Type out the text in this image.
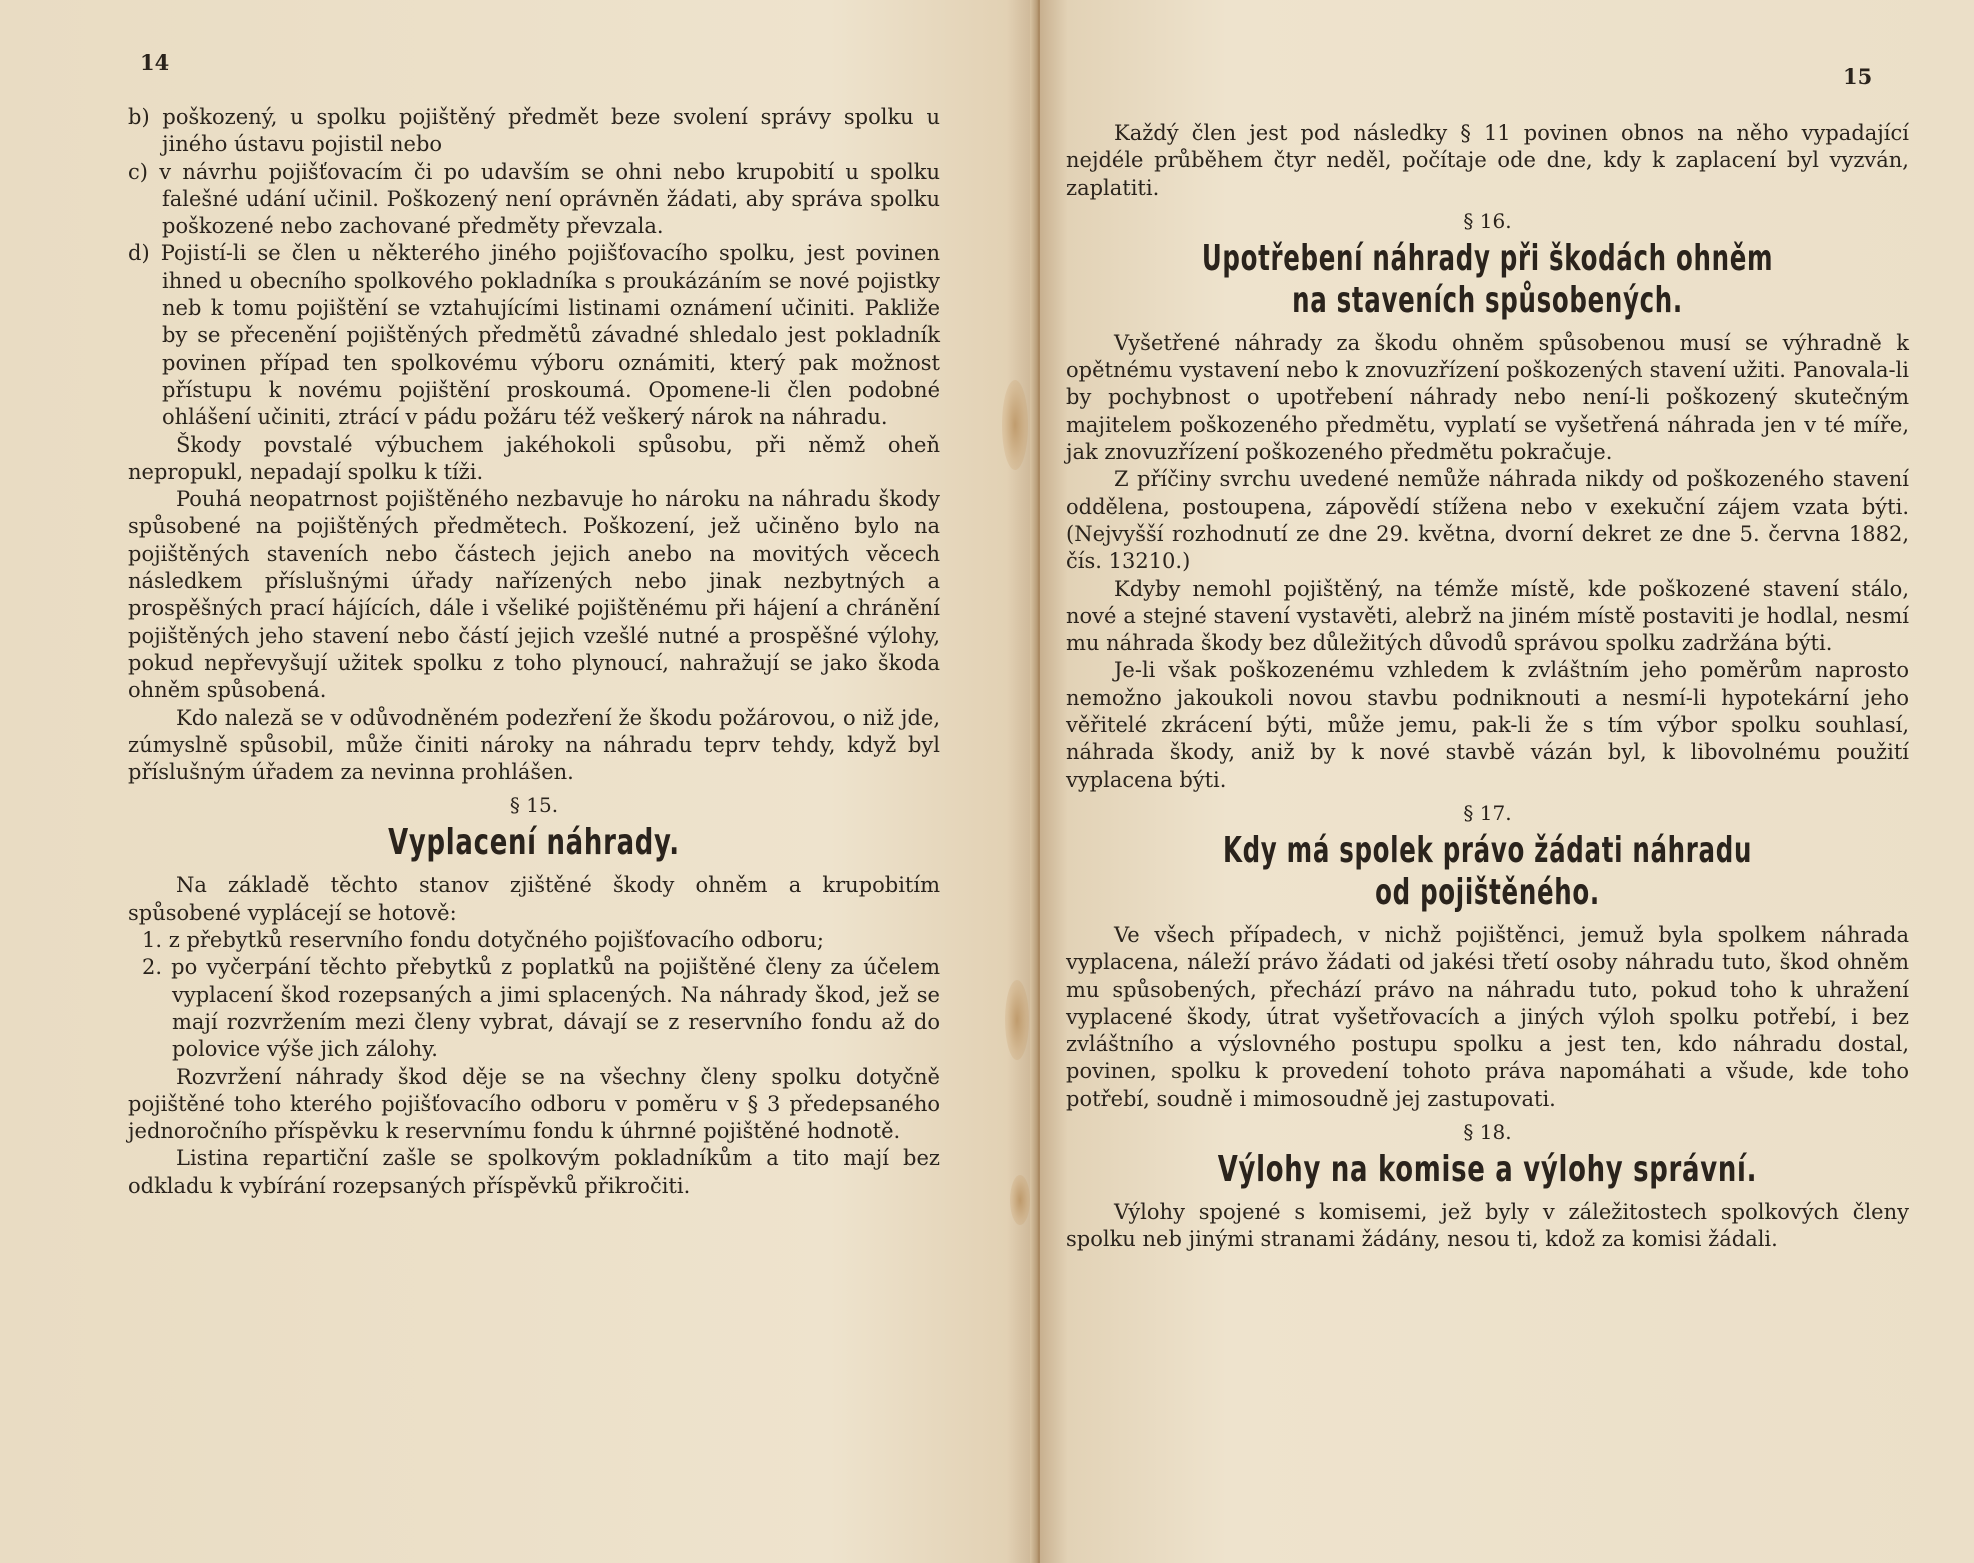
14

b) poškozený, u spolku pojištěný předmět beze svolení správy spolku u jiného ústavu pojistil nebo

c) v návrhu pojišťovacím či po udavším se ohni nebo krupobití u spolku falešné udání učinil. Poškozený není oprávněn žádati, aby správa spolku poškozené nebo zachované předměty převzala.

d) Pojistí-li se člen u některého jiného pojišťovacího spolku, jest povinen ihned u obecního spolkového pokladníka s proukázáním se nové pojistky neb k tomu pojištění se vztahujícími listinami oznámení učiniti. Pakliže by se přecenění pojištěných předmětů závadné shledalo jest pokladník povinen případ ten spolkovému výboru oznámiti, který pak možnost přístupu k novému pojištění proskoumá. Opomene-li člen podobné ohlášení učiniti, ztrácí v pádu požáru též veškerý nárok na náhradu.

Škody povstalé výbuchem jakéhokoli spůsobu, při němž oheň nepropukl, nepadají spolku k tíži.

Pouhá neopatrnost pojištěného nezbavuje ho nároku na náhradu škody spůsobené na pojištěných předmětech. Poškození, jež učiněno bylo na pojištěných staveních nebo částech jejich anebo na movitých věcech následkem příslušnými úřady nařízených nebo jinak nezbytných a prospěšných prací hájících, dále i všeliké pojištěnému při hájení a chránění pojištěných jeho stavení nebo částí jejich vzešlé nutné a prospěšné výlohy, pokud nepřevyšují užitek spolku z toho plynoucí, nahražují se jako škoda ohněm spůsobená.

Kdo naleză se v odůvodněném podezření že škodu požárovou, o niž jde, zúmyslně spůsobil, může činiti nároky na náhradu teprv tehdy, když byl příslušným úřadem za nevinna prohlášen.

§ 15.
Vyplacení náhrady.

Na základě těchto stanov zjištěné škody ohněm a krupobitím spůsobené vyplácejí se hotově:

1. z přebytků reservního fondu dotyčného pojišťovacího odboru;

2. po vyčerpání těchto přebytků z poplatků na pojištěné členy za účelem vyplacení škod rozepsaných a jimi splacených. Na náhrady škod, jež se mají rozvržením mezi členy vybrat, dávají se z reservního fondu až do polovice výše jich zálohy.

Rozvržení náhrady škod děje se na všechny členy spolku dotyčně pojištěné toho kterého pojišťovacího odboru v poměru v § 3 předepsaného jednoročního příspěvku k reservnímu fondu k úhrnné pojištěné hodnotě.

Listina repartiční zašle se spolkovým pokladníkům a tito mají bez odkladu k vybírání rozepsaných příspěvků přikročiti.

15

Každý člen jest pod následky § 11 povinen obnos na něho vypadající nejdéle průběhem čtyr neděl, počítaje ode dne, kdy k zaplacení byl vyzván, zaplatiti.

§ 16.
Upotřebení náhrady při škodách ohněm na staveních spůsobených.

Vyšetřené náhrady za škodu ohněm spůsobenou musí se výhradně k opětnému vystavení nebo k znovuzřízení poškozených stavení užiti. Panovala-li by pochybnost o upotřebení náhrady nebo není-li poškozený skutečným majitelem poškozeného předmětu, vyplatí se vyšetřená náhrada jen v té míře, jak znovuzřízení poškozeného předmětu pokračuje.

Z příčiny svrchu uvedené nemůže náhrada nikdy od poškozeného stavení oddělena, postoupena, zápovědí stížena nebo v exekuční zájem vzata býti. (Nejvyšší rozhodnutí ze dne 29. května, dvorní dekret ze dne 5. června 1882, čís. 13210.)

Kdyby nemohl pojištěný, na témže místě, kde poškozené stavení stálo, nové a stejné stavení vystavěti, alebrž na jiném místě postaviti je hodlal, nesmí mu náhrada škody bez důležitých důvodů správou spolku zadržána býti.

Je-li však poškozenému vzhledem k zvláštním jeho poměrům naprosto nemožno jakoukoli novou stavbu podniknouti a nesmí-li hypotekární jeho věřitelé zkrácení býti, může jemu, pak-li že s tím výbor spolku souhlasí, náhrada škody, aniž by k nové stavbě vázán byl, k libovolnému použití vyplacena býti.

§ 17.
Kdy má spolek právo žádati náhradu od pojištěného.

Ve všech případech, v nichž pojištěnci, jemuž byla spolkem náhrada vyplacena, náleží právo žádati od jakési třetí osoby náhradu tuto, škod ohněm mu spůsobených, přechází právo na náhradu tuto, pokud toho k uhražení vyplacené škody, útrat vyšetřovacích a jiných výloh spolku potřebí, i bez zvláštního a výslovného postupu spolku a jest ten, kdo náhradu dostal, povinen, spolku k provedení tohoto práva napomáhati a všude, kde toho potřebí, soudně i mimosoudně jej zastupovati.

§ 18.
Výlohy na komise a výlohy správní.

Výlohy spojené s komisemi, jež byly v záležitostech spolkových členy spolku neb jinými stranami žádány, nesou ti, kdož za komisi žádali.
